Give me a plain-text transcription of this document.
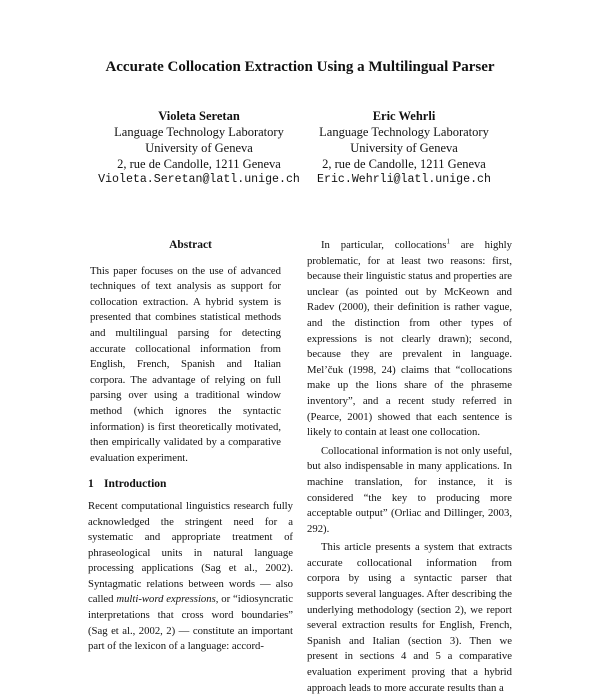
Accurate Collocation Extraction Using a Multilingual Parser
Violeta Seretan
Language Technology Laboratory
University of Geneva
2, rue de Candolle, 1211 Geneva
Violeta.Seretan@latl.unige.ch
Eric Wehrli
Language Technology Laboratory
University of Geneva
2, rue de Candolle, 1211 Geneva
Eric.Wehrli@latl.unige.ch
Abstract

This paper focuses on the use of advanced techniques of text analysis as support for collocation extraction. A hybrid system is presented that combines statistical methods and multilingual parsing for detecting accurate collocational information from English, French, Spanish and Italian corpora. The advantage of relying on full parsing over using a traditional window method (which ignores the syntactic information) is first theoretically motivated, then empirically validated by a comparative evaluation experiment.

1 Introduction

Recent computational linguistics research fully acknowledged the stringent need for a systematic and appropriate treatment of phraseological units in natural language processing applications (Sag et al., 2002). Syntagmatic relations between words — also called multi-word expressions, or “idiosyncratic interpretations that cross word boundaries” (Sag et al., 2002, 2) — constitute an important part of the lexicon of a language: accord-

In particular, collocations$^1$ are highly problematic, for at least two reasons: first, because their linguistic status and properties are unclear (as pointed out by McKeown and Radev (2000), their definition is rather vague, and the distinction from other types of expressions is not clearly drawn); second, because they are prevalent in language. Mel’čuk (1998, 24) claims that “collocations make up the lions share of the phraseme inventory”, and a recent study referred in (Pearce, 2001) showed that each sentence is likely to contain at least one collocation.

Collocational information is not only useful, but also indispensable in many applications. In machine translation, for instance, it is considered “the key to producing more acceptable output” (Orliac and Dillinger, 2003, 292).

This article presents a system that extracts accurate collocational information from corpora by using a syntactic parser that supports several languages. After describing the underlying methodology (section 2), we report several extraction results for English, French, Spanish and Italian (section 3). Then we present in sections 4 and 5 a comparative evaluation experiment proving that a hybrid approach leads to more accurate results than a
